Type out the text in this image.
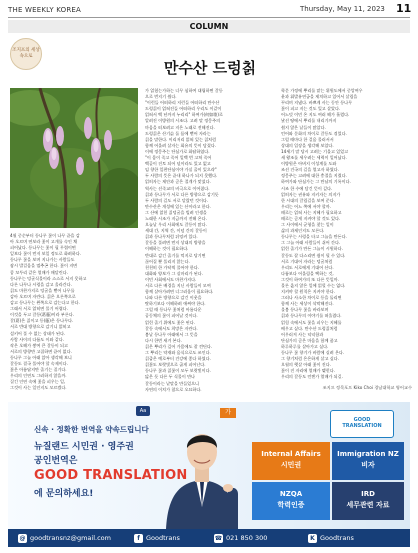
THE WEEKLY KOREA	Thursday, May 11, 2023 11
COLUMN
조지프의 세상속으로
만수산 드렁칡
4월 중순부터 등나무 꽃이 나무 끝을 감
아 오르며 연보라 꽃이 고개를 숙인 채
피어났다. 등나무는 꽃이 필 무렵이면
잎보다 꽃이 먼저 보일 정도로 화려하다.
등나무 꽃을 보며 지나가는 사람들도
잠시 발걸음을 멈추곤 한다. 꽃이 지면
콩 꼬투리 같은 열매가 매달린다.
등나무는 덩굴식물이라 스스로 서지 못하고
다른 나무나 시렁을 감고 올라간다.
칡도 마찬가지로 덩굴을 뻗어 나무를
감아 오르며 자란다. 칡은 오른쪽으로
감고 등나무는 왼쪽으로 감는다고 한다.
그래서 서로 얽히면 풀기 어렵다.
이것을 두고 갈등(葛藤)이라 부른다.
갈(葛)은 칡이고 등(藤)은 등나무다.
서로 반대 방향으로 감기니 얽히고
설키어 풀 수 없는 상태가 된다.
사람 사이의 다툼도 이와 같다.
작은 오해가 쌓여 큰 갈등이 되고
서로의 방향만 고집하면 끝이 없다.
등나무 그늘 아래 앉아 생각해 보니
갈등도 결국 풀어야 할 숙제이다.
꽃은 아름답지만 줄기는 질기다.
우리의 인연도 그러하지 않을까.
질긴 인연 속에 꽃을 피우는 일,
그것이 사는 일인지도 모르겠다.
가 얽혔는가하는 너무 심하여 대립하면 갈등
으로 번지기 쉽다.
"이런들 어떠하리 저런들 어떠하리 만수산
드렁칡이 얽혀진들 어떠하리 우리도 이같이
얽혀서 백 년까지 누리리" 하여가(何如歌)로
알려진 이방원의 시조다. 고려 말 정몽주의
마음을 떠보려고 지은 노래로 전해진다.
드렁칡은 산기슭 돌 틈에 뻗어 자라는
칡을 말한다. 이리저리 얽혀 있는 칡처럼
함께 어울려 살자는 회유의 뜻이 담겼다.
이에 정몽주는 단심가로 화답하였다.
"이 몸이 죽고 죽어 일백 번 고쳐 죽어
백골이 진토 되어 넋이라도 있고 없고
임 향한 일편단심이야 가실 줄이 있으랴"
두 사람의 뜻은 끝내 하나가 되지 못했다.
얽히자는 제안과 곧은 절개가 맞섰다.
역사는 선죽교의 비극으로 이어졌다.
칡과 등나무가 서로 다른 방향으로 감기듯
두 사람의 길도 서로 달랐던 것이다.
만수산은 개성에 있는 산이라고 한다.
그 산에 얽힌 칡덩굴을 빌려 인생을
노래한 시조가 지금까지 전해 온다.
오늘날 우리 사회에도 갈등이 많다.
세대 간, 지역 간, 이념 간의 갈등이
칡과 등나무처럼 뒤엉켜 있다.
갈등을 풀려면 먼저 상대의 방향을
이해하는 것이 필요하다.
반대로 감긴 줄기를 억지로 당기면
끊어질 뿐 풀리지 않는다.
천천히 한 가닥씩 풀어야 한다.
대화와 양보가 그 실마리가 된다.
이민 사회에서도 마찬가지다.
서로 다른 배경을 지닌 사람들이 모여
함께 살아가려면 너그러움이 필요하다.
나와 다른 방향으로 감긴 이웃을
탓하기보다 이해하려 애써야 한다.
그럴 때 등나무 꽃처럼 아름다운
공동체의 꽃이 피어날 것이다.
얽힌 줄기 위에도 꽃은 핀다.
갈등 속에서도 희망은 자란다.
봄날 등나무 아래에서 그 뜻을
다시 한번 새겨 본다.
칡은 뿌리가 깊어 가뭄에도 잘 견딘다.
그 뿌리는 약재와 음식으로도 쓰인다.
칡즙은 예로부터 건강에 좋다 하였다.
칡꽃도 보랏빛으로 곱게 피어난다.
등나무 꽃과 칡꽃이 모두 보랏빛이다.
닮은 듯 다른 두 식물이 만나
갈등이라는 낱말을 만들었으니
자연의 이치가 참으로 오묘하다.
학문 가정에 뿌리를 맡는 위원도에서 중앙여우
윤과 휘발유연궁을 제치하고 있어서 살림을
꾸리며 지냈다. 바쁘게 사는 동안 등나무
꽃이 피고 지는 것도 잊고 살았다.
어느덧 이민 온 지도 여러 해가 흘렀다.
낯선 땅에서 뿌리를 내리기까지
쉽지 않은 날들이 많았다.
언어와 문화의 차이로 갈등도 겪었다.
그럴 때마다 한 걸음 물러서서
상대의 입장을 생각해 보았다.
14세기 말 당시 고려는 기울고 있었고
새 왕조를 세우려는 세력이 일어났다.
이방원은 아버지 이성계를 도와
조선 건국의 길을 열고자 하였다.
정몽주는 고려에 대한 충절을 지켰다.
하여가와 단심가는 그 만남의 기록이다.
시조 한 수에 담긴 뜻이 깊다.
얽히자는 권유와 지키자는 의지가
한 시대의 갈림길을 보여 준다.
우리는 어느 쪽에 서야 할까.
때로는 얽혀 사는 지혜가 필요하고
때로는 곧게 지켜야 할 것도 있다.
그 사이에서 균형을 찾는 일이
삶의 과제인지도 모른다.
등나무는 시렁을 타고 그늘을 만든다.
그 그늘 아래 사람들이 쉬어 간다.
얽힌 줄기가 만든 그늘이 시원하다.
갈등도 잘 다스리면 쉼이 될 수 있다.
서로 기대어 자라는 덩굴처럼
우리도 서로에게 기대어 산다.
다툼보다 어울림을 택하는 것,
그것이 하여가의 또 다른 뜻일까.
물론 옳지 않은 일에 얽힐 수는 없다.
지켜야 할 원칙은 지켜야 한다.
그러나 사소한 차이로 등을 돌리면
함께 사는 세상이 삭막해진다.
올봄 등나무 꽃을 바라보며
칡과 등나무의 이야기를 떠올렸다.
얽힘 속에서도 꽃을 피우는 지혜를
배우고 싶다. 만수산 드렁칡처럼
어우러져 사는 넉넉함과
단심가의 곧은 마음을 함께 품고
하루하루를 살아가고 싶다.
등나무 꽃 향기가 바람에 실려 온다.
그 향기처럼 은은하게 살고 싶다.
오월의 햇살 아래 꽃이 진다.
꽃이 진 자리에 열매가 맺힌다.
우리의 갈등도 언젠가 열매가 되길.
조지프 정목포프 Kiko Choi 경남대학교 영어교수
Aa	가
신속 · 정확한 번역을 약속드립니다
뉴질랜드 시민권 · 영주권
공인번역은
GOOD TRANSLATION
에 문의하세요!
GOOD
TRANSLATION
Internal Affairs
시민권
Immigration NZ
비자
NZQA
학력인증
IRD
세무관련 자료
@ goodtransnz@gmail.com	f Goodtrans	☎ 021 850 300	K Goodtrans
